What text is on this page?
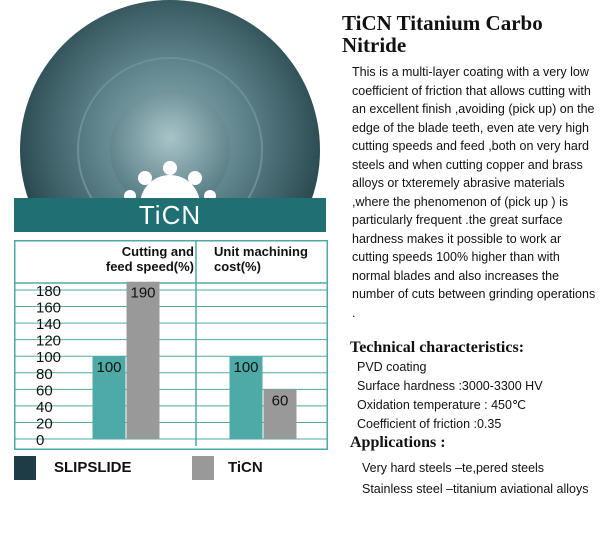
TiCN
0
20
40
60
80
100
120
140
160
180
100	100
190
60
Cutting and
feed speed(%)
Unit machining
cost(%)
SLIPSLIDE	TiCN
TiCN Titanium Carbo Nitride

This is a multi-layer coating with a very low coefficient of friction that allows cutting with an excellent finish ,avoiding (pick up) on the edge of the blade teeth, even ate very high cutting speeds and feed ,both on very hard steels and when cutting copper and brass alloys or txteremely abrasive materials ,where the phenomenon of (pick up ) is particularly frequent .the great surface hardness makes it possible to work ar cutting speeds 100% higher than with normal blades and also increases the number of cuts between grinding operations .

Technical characteristics:

PVD coating

Surface hardness :3000-3300 HV

Oxidation temperature : 450℃

Coefficient of friction :0.35

Applications :

Very hard steels –te,pered steels

Stainless steel –titanium aviational alloys
